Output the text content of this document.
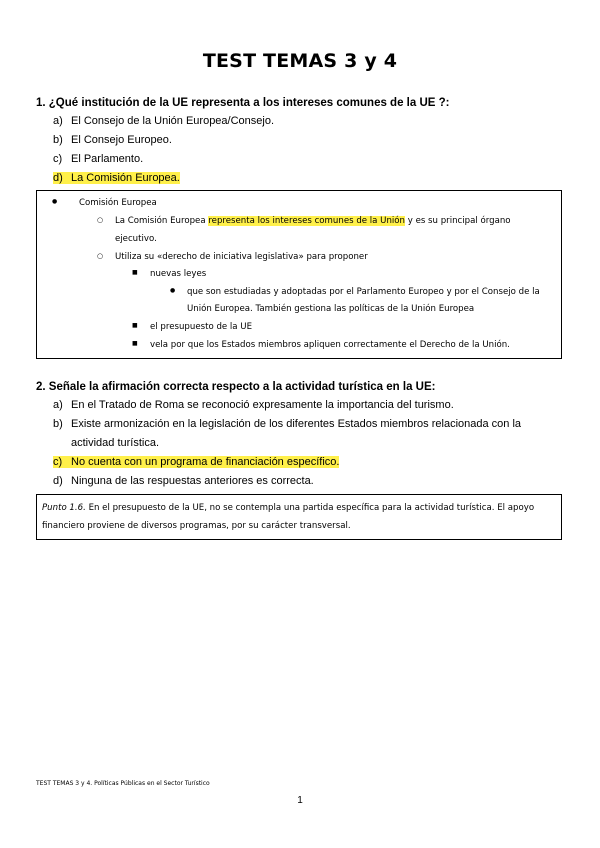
TEST TEMAS 3 y 4
1. ¿Qué institución de la UE representa a los intereses comunes de la UE ?:
a) El Consejo de la Unión Europea/Consejo.
b) El Consejo Europeo.
c) El Parlamento.
d) La Comisión Europea.
● Comisión Europea
○ La Comisión Europea representa los intereses comunes de la Unión y es su principal órgano
ejecutivo.
○ Utiliza su «derecho de iniciativa legislativa» para proponer
■ nuevas leyes
● que son estudiadas y adoptadas por el Parlamento Europeo y por el Consejo de la
Unión Europea. También gestiona las políticas de la Unión Europea
■ el presupuesto de la UE
■ vela por que los Estados miembros apliquen correctamente el Derecho de la Unión.
2. Señale la afirmación correcta respecto a la actividad turística en la UE:
a) En el Tratado de Roma se reconoció expresamente la importancia del turismo.
b) Existe armonización en la legislación de los diferentes Estados miembros relacionada con la
actividad turística.
c) No cuenta con un programa de financiación específico.
d) Ninguna de las respuestas anteriores es correcta.
Punto 1.6. En el presupuesto de la UE, no se contempla una partida específica para la actividad turística. El apoyo
financiero proviene de diversos programas, por su carácter transversal.
TEST TEMAS 3 y 4. Políticas Públicas en el Sector Turístico
1
